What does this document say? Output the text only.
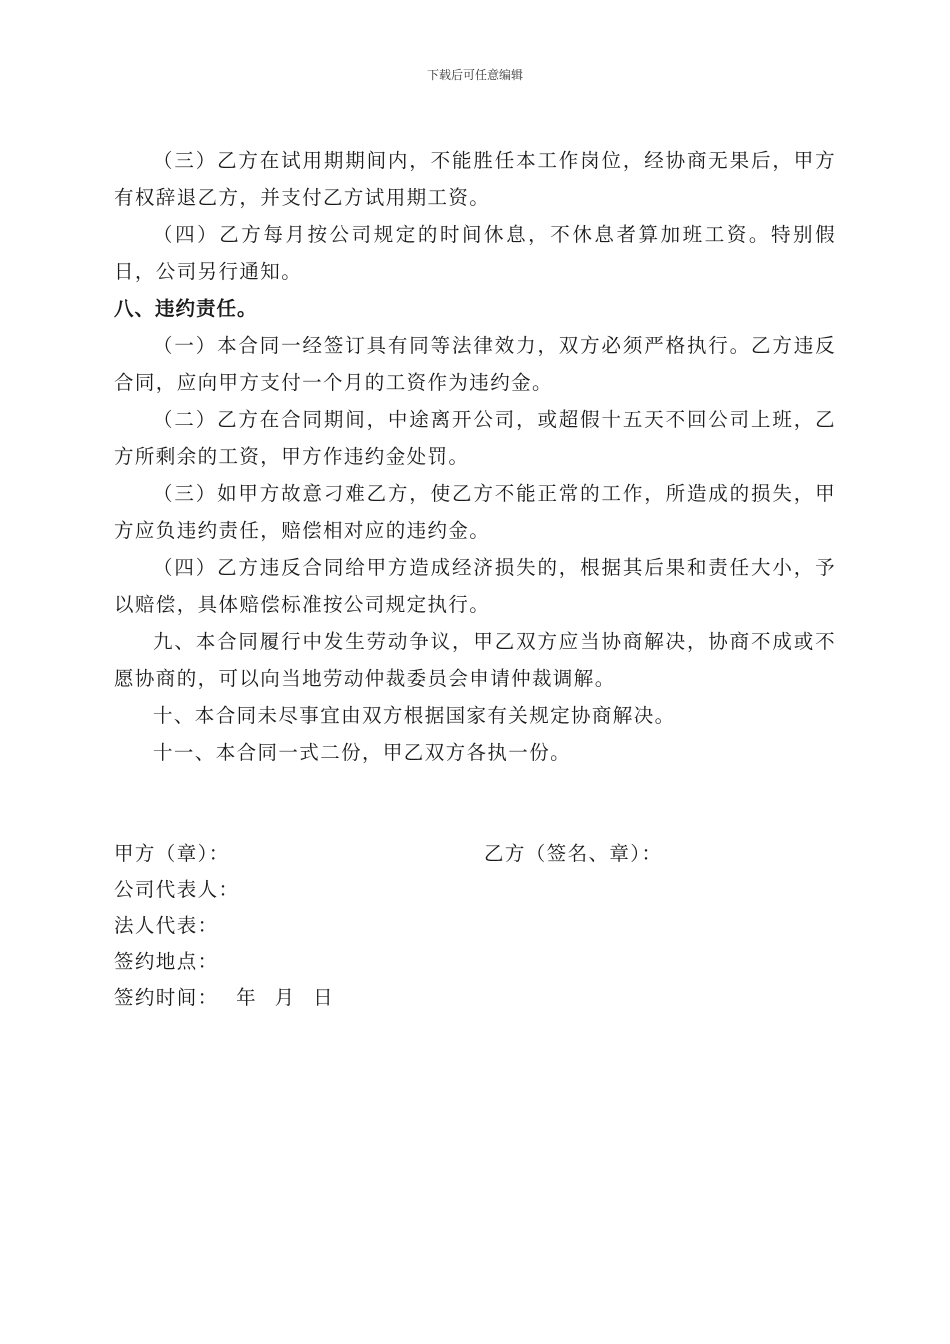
下载后可任意编辑

（三）乙方在试用期期间内，不能胜任本工作岗位，经协商无果后，甲方有权辞退乙方，并支付乙方试用期工资。

（四）乙方每月按公司规定的时间休息，不休息者算加班工资。特别假日，公司另行通知。

八、违约责任。

（一）本合同一经签订具有同等法律效力，双方必须严格执行。乙方违反合同，应向甲方支付一个月的工资作为违约金。

（二）乙方在合同期间，中途离开公司，或超假十五天不回公司上班，乙方所剩余的工资，甲方作违约金处罚。

（三）如甲方故意刁难乙方，使乙方不能正常的工作，所造成的损失，甲方应负违约责任，赔偿相对应的违约金。

（四）乙方违反合同给甲方造成经济损失的，根据其后果和责任大小，予以赔偿，具体赔偿标准按公司规定执行。

九、本合同履行中发生劳动争议，甲乙双方应当协商解决，协商不成或不愿协商的，可以向当地劳动仲裁委员会申请仲裁调解。

十、本合同未尽事宜由双方根据国家有关规定协商解决。

十一、本合同一式二份，甲乙双方各执一份。

甲方（章）：	乙方（签名、章）：
公司代表人：
法人代表：
签约地点：
签约时间： 年 月 日
